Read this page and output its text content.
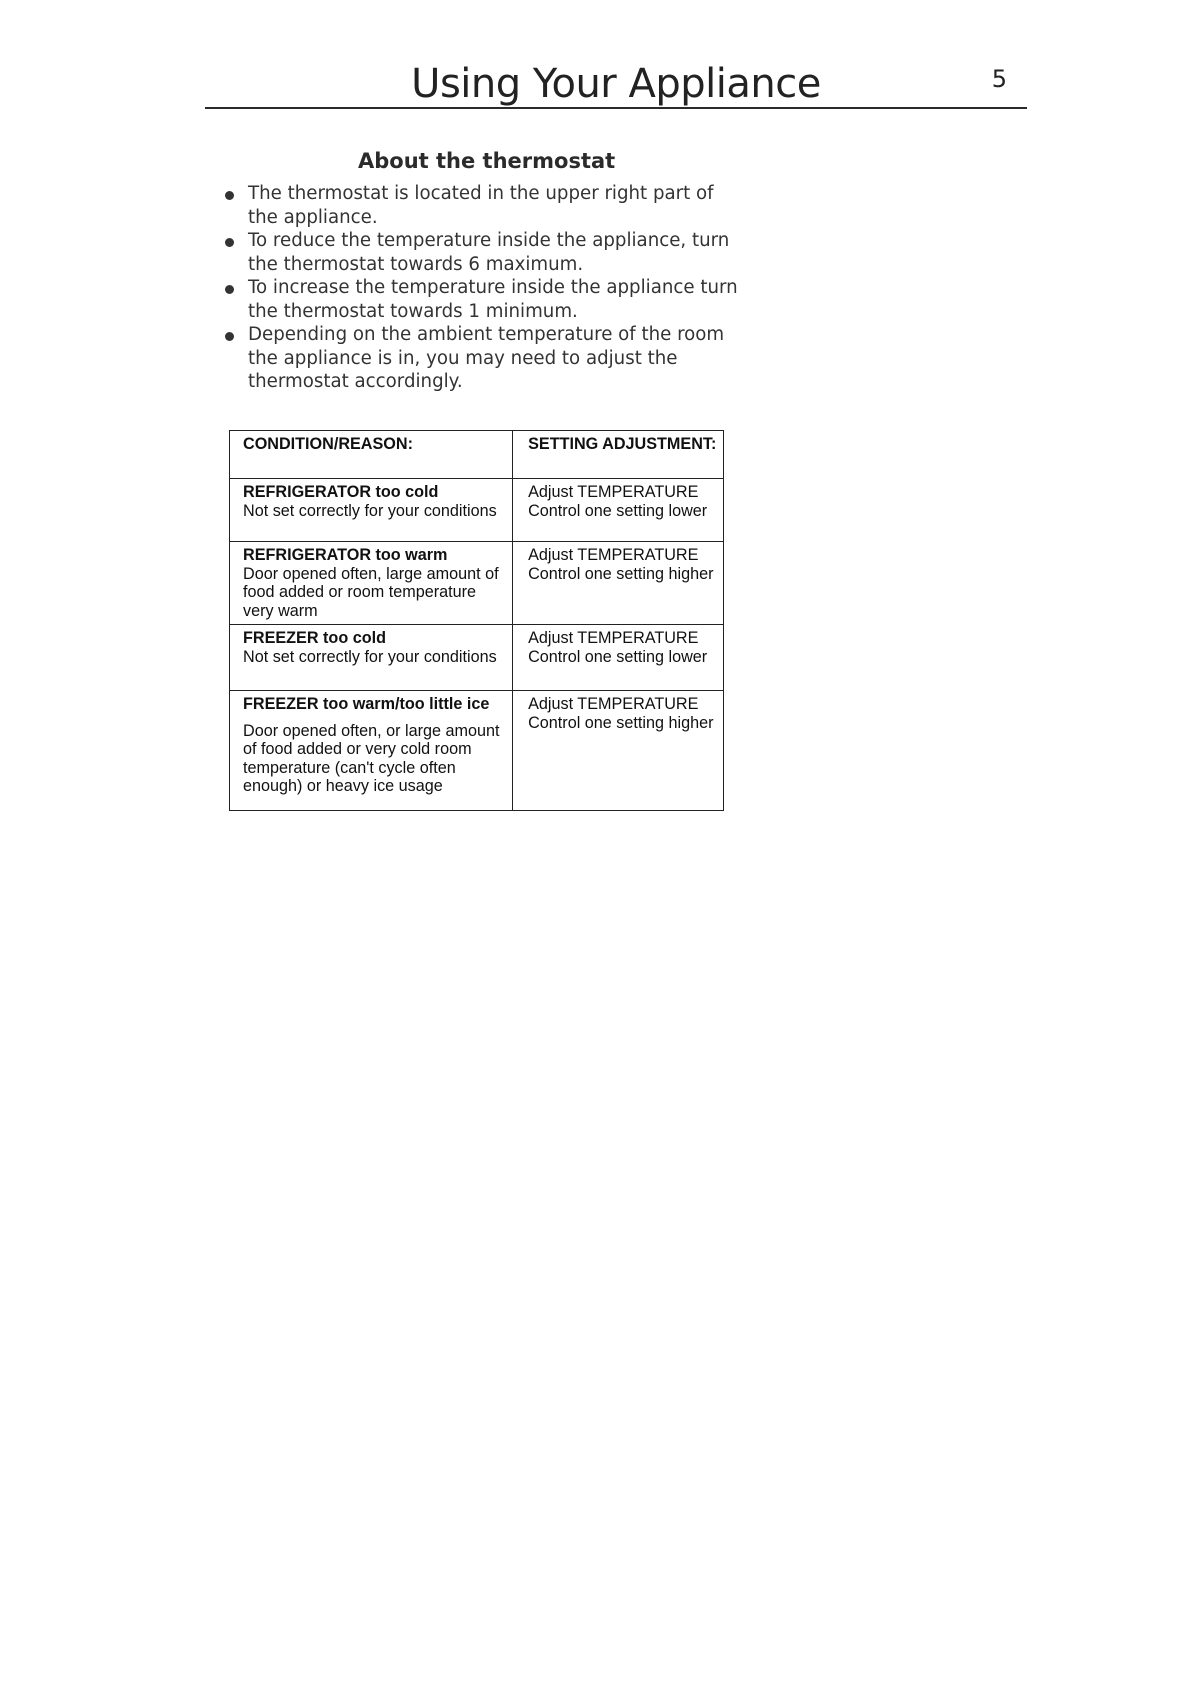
Using Your Appliance	5
About the thermostat
The thermostat is located in the upper right part of the appliance.
To reduce the temperature inside the appliance, turn the thermostat towards 6 maximum.
To increase the temperature inside the appliance turn the thermostat towards 1 minimum.
Depending on the ambient temperature of the room the appliance is in, you may need to adjust the thermostat accordingly.
CONDITION/REASON:	SETTING ADJUSTMENT:

REFRIGERATOR too cold
Not set correctly for your conditions	Adjust TEMPERATURE Control one setting lower

REFRIGERATOR too warm
Door opened often, large amount of food added or room temperature very warm	Adjust TEMPERATURE Control one setting higher

FREEZER too cold
Not set correctly for your conditions	Adjust TEMPERATURE Control one setting lower

FREEZER too warm/too little ice
Door opened often, or large amount of food added or very cold room temperature (can't cycle often enough) or heavy ice usage	Adjust TEMPERATURE Control one setting higher
